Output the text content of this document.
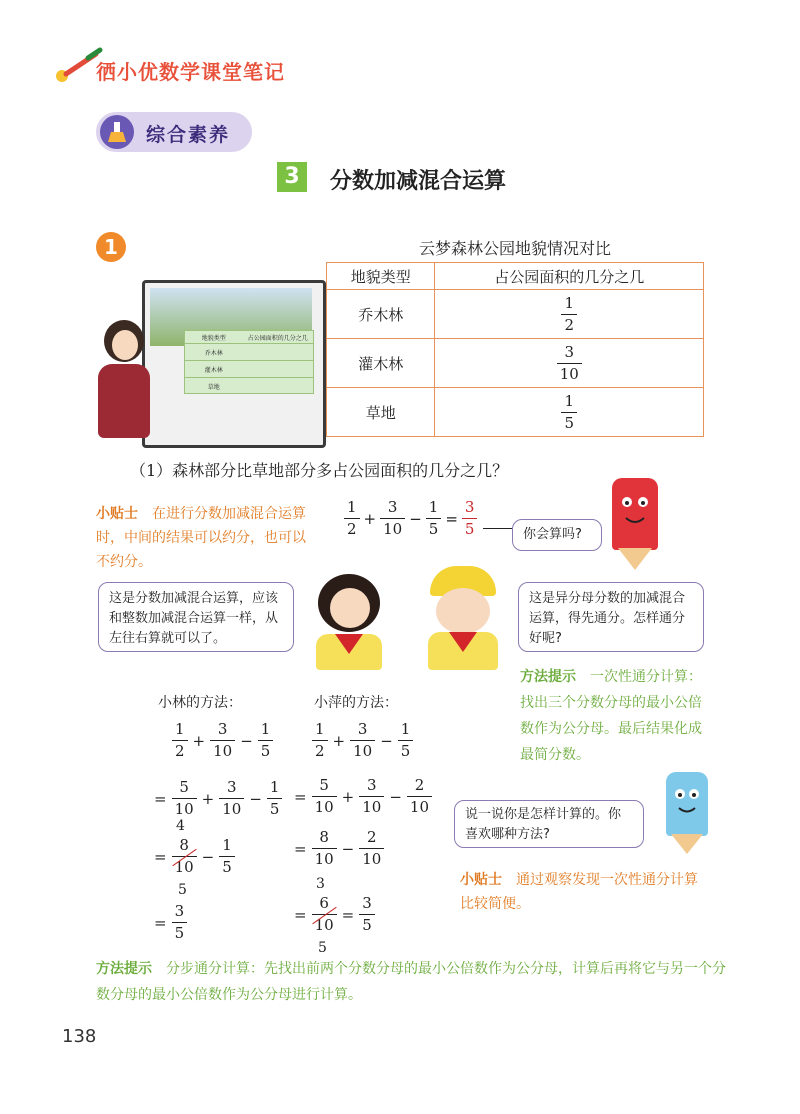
徆小优数学课堂笔记
综合素养
3	分数加减混合运算
1	云梦森林公园地貌情况对比
地貌类型	占公园面积的几分之几
乔木林	$\frac{1}{2}$

灌木林	$\frac{3}{10}$

草地	$\frac{1}{5}$
地貌类型	占公园面积的几分之几
乔木林
灌木林
草地
（1）森林部分比草地部分多占公园面积的几分之几？
小贴士 在进行分数加减混合运算时，中间的结果可以约分，也可以不约分。
$\frac{1}{2} + \frac{3}{10} - \frac{1}{5} = \frac{3}{5}$	你会算吗?
这是分数加减混合运算，应该和整数加减混合运算一样，从左往右算就可以了。
这是异分母分数的加减混合运算，得先通分。怎样通分好呢?
方法提示 一次性通分计算：找出三个分数分母的最小公倍数作为公分母。最后结果化成最简分数。
小林的方法：
$\frac{1}{2} + \frac{3}{10} - \frac{1}{5}$
= $\frac{5}{10} + \frac{3}{10} - \frac{1}{5}$
4
= $\frac{8}{10} - \frac{1}{5}$
5
= $\frac{3}{5}$
小萍的方法：
$\frac{1}{2} + \frac{3}{10} - \frac{1}{5}$
= $\frac{5}{10} + \frac{3}{10} - \frac{2}{10}$
= $\frac{8}{10} - \frac{2}{10}$
3
= $\frac{6}{10} = \frac{3}{5}$
5
说一说你是怎样计算的。你喜欢哪种方法?
小贴士 通过观察发现一次性通分计算比较简便。
方法提示 分步通分计算：先找出前两个分数分母的最小公倍数作为公分母，计算后再将它与另一个分数分母的最小公倍数作为公分母进行计算。
138
